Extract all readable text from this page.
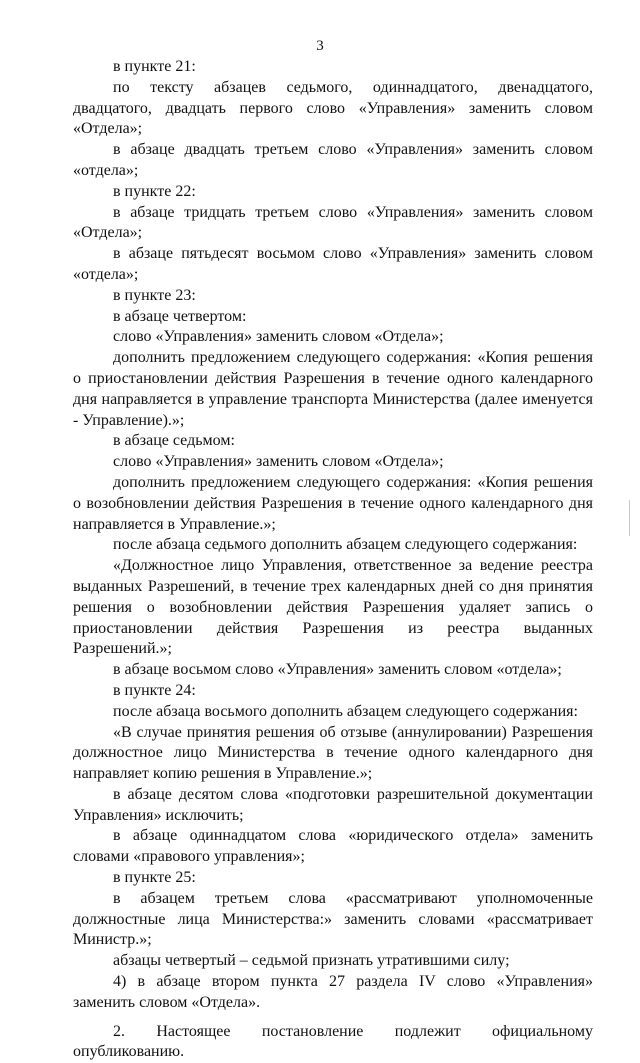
3

в пункте 21:

по тексту абзацев седьмого, одиннадцатого, двенадцатого, двадцатого, двадцать первого слово «Управления» заменить словом «Отдела»;

в абзаце двадцать третьем слово «Управления» заменить словом «отдела»;

в пункте 22:

в абзаце тридцать третьем слово «Управления» заменить словом «Отдела»;

в абзаце пятьдесят восьмом слово «Управления» заменить словом «отдела»;

в пункте 23:

в абзаце четвертом:

слово «Управления» заменить словом «Отдела»;

дополнить предложением следующего содержания: «Копия решения о приостановлении действия Разрешения в течение одного календарного дня направляется в управление транспорта Министерства (далее именуется - Управление).»;

в абзаце седьмом:

слово «Управления» заменить словом «Отдела»;

дополнить предложением следующего содержания: «Копия решения о возобновлении действия Разрешения в течение одного календарного дня направляется в Управление.»;

после абзаца седьмого дополнить абзацем следующего содержания:

«Должностное лицо Управления, ответственное за ведение реестра выданных Разрешений, в течение трех календарных дней со дня принятия решения о возобновлении действия Разрешения удаляет запись о приостановлении действия Разрешения из реестра выданных Разрешений.»;

в абзаце восьмом слово «Управления» заменить словом «отдела»;

в пункте 24:

после абзаца восьмого дополнить абзацем следующего содержания:

«В случае принятия решения об отзыве (аннулировании) Разрешения должностное лицо Министерства в течение одного календарного дня направляет копию решения в Управление.»;

в абзаце десятом слова «подготовки разрешительной документации Управления» исключить;

в абзаце одиннадцатом слова «юридического отдела» заменить словами «правового управления»;

в пункте 25:

в абзацем третьем слова «рассматривают уполномоченные должностные лица Министерства:» заменить словами «рассматривает Министр.»;

абзацы четвертый – седьмой признать утратившими силу;

4) в абзаце втором пункта 27 раздела IV слово «Управления» заменить словом «Отдела».

2. Настоящее постановление подлежит официальному опубликованию.
